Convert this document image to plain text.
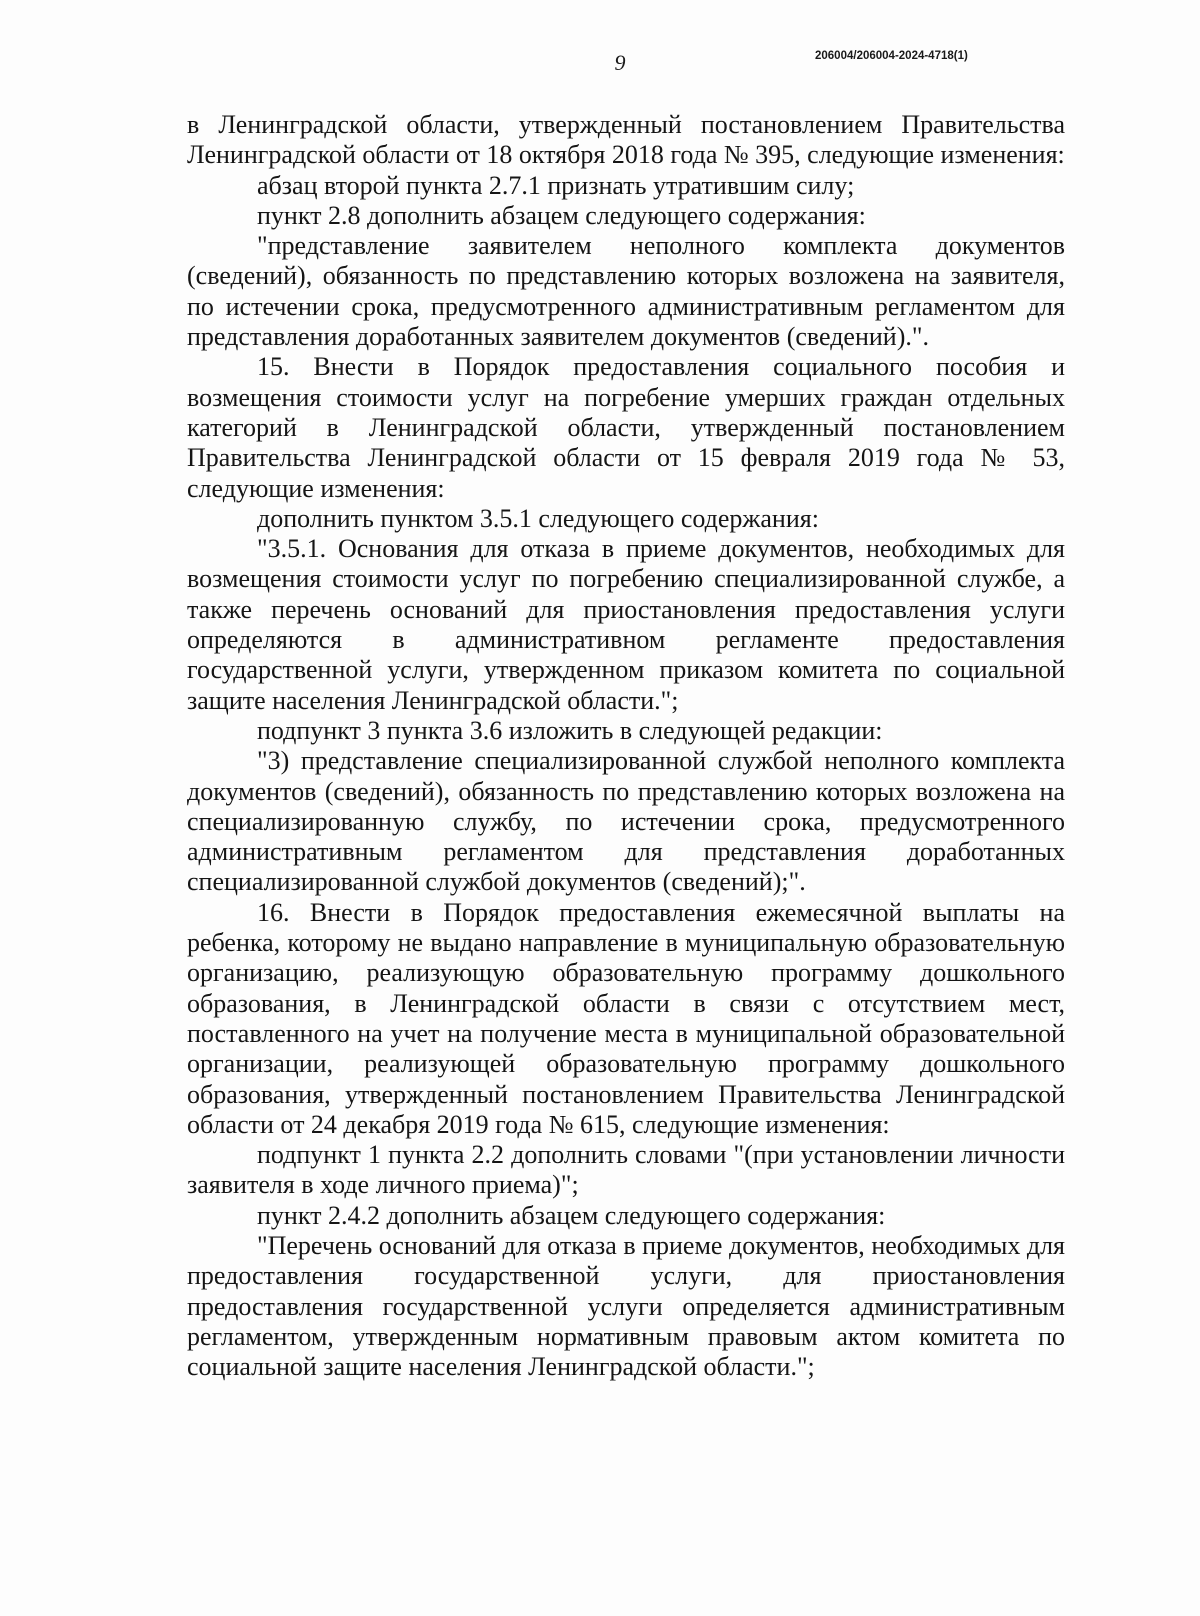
9	206004/206004-2024-4718(1)

в Ленинградской области, утвержденный постановлением Правительства Ленинградской области от 18 октября 2018 года № 395, следующие изменения:

абзац второй пункта 2.7.1 признать утратившим силу;

пункт 2.8 дополнить абзацем следующего содержания:

"представление заявителем неполного комплекта документов (сведений), обязанность по представлению которых возложена на заявителя, по истечении срока, предусмотренного административным регламентом для представления доработанных заявителем документов (сведений).".

15. Внести в Порядок предоставления социального пособия и возмещения стоимости услуг на погребение умерших граждан отдельных категорий в Ленинградской области, утвержденный постановлением Правительства Ленинградской области от 15 февраля 2019 года № 53, следующие изменения:

дополнить пунктом 3.5.1 следующего содержания:

"3.5.1. Основания для отказа в приеме документов, необходимых для возмещения стоимости услуг по погребению специализированной службе, а также перечень оснований для приостановления предоставления услуги определяются в административном регламенте предоставления государственной услуги, утвержденном приказом комитета по социальной защите населения Ленинградской области.";

подпункт 3 пункта 3.6 изложить в следующей редакции:

"3) представление специализированной службой неполного комплекта документов (сведений), обязанность по представлению которых возложена на специализированную службу, по истечении срока, предусмотренного административным регламентом для представления доработанных специализированной службой документов (сведений);".

16. Внести в Порядок предоставления ежемесячной выплаты на ребенка, которому не выдано направление в муниципальную образовательную организацию, реализующую образовательную программу дошкольного образования, в Ленинградской области в связи с отсутствием мест, поставленного на учет на получение места в муниципальной образовательной организации, реализующей образовательную программу дошкольного образования, утвержденный постановлением Правительства Ленинградской области от 24 декабря 2019 года № 615, следующие изменения:

подпункт 1 пункта 2.2 дополнить словами "(при установлении личности заявителя в ходе личного приема)";

пункт 2.4.2 дополнить абзацем следующего содержания:

"Перечень оснований для отказа в приеме документов, необходимых для предоставления государственной услуги, для приостановления предоставления государственной услуги определяется административным регламентом, утвержденным нормативным правовым актом комитета по социальной защите населения Ленинградской области.";
